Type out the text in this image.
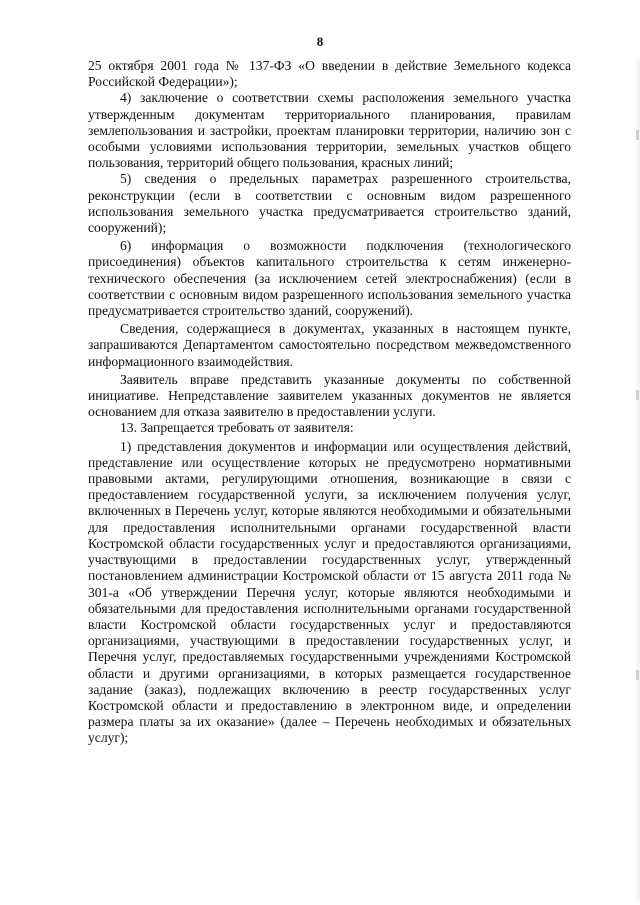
8

25 октября 2001 года № 137-ФЗ «О введении в действие Земельного кодекса Российской Федерации»);

4) заключение о соответствии схемы расположения земельного участка утвержденным документам территориального планирования, правилам землепользования и застройки, проектам планировки территории, наличию зон с особыми условиями использования территории, земельных участков общего пользования, территорий общего пользования, красных линий;

5) сведения о предельных параметрах разрешенного строительства, реконструкции (если в соответствии с основным видом разрешенного использования земельного участка предусматривается строительство зданий, сооружений);

6) информация о возможности подключения (технологического присоединения) объектов капитального строительства к сетям инженерно-технического обеспечения (за исключением сетей электроснабжения) (если в соответствии с основным видом разрешенного использования земельного участка предусматривается строительство зданий, сооружений).

Сведения, содержащиеся в документах, указанных в настоящем пункте, запрашиваются Департаментом самостоятельно посредством межведомственного информационного взаимодействия.

Заявитель вправе представить указанные документы по собственной инициативе. Непредставление заявителем указанных документов не является основанием для отказа заявителю в предоставлении услуги.

13. Запрещается требовать от заявителя:

1) представления документов и информации или осуществления действий, представление или осуществление которых не предусмотрено нормативными правовыми актами, регулирующими отношения, возникающие в связи с предоставлением государственной услуги, за исключением получения услуг, включенных в Перечень услуг, которые являются необходимыми и обязательными для предоставления исполнительными органами государственной власти Костромской области государственных услуг и предоставляются организациями, участвующими в предоставлении государственных услуг, утвержденный постановлением администрации Костромской области от 15 августа 2011 года № 301-а «Об утверждении Перечня услуг, которые являются необходимыми и обязательными для предоставления исполнительными органами государственной власти Костромской области государственных услуг и предоставляются организациями, участвующими в предоставлении государственных услуг, и Перечня услуг, предоставляемых государственными учреждениями Костромской области и другими организациями, в которых размещается государственное задание (заказ), подлежащих включению в реестр государственных услуг Костромской области и предоставлению в электронном виде, и определении размера платы за их оказание» (далее – Перечень необходимых и обязательных услуг);
